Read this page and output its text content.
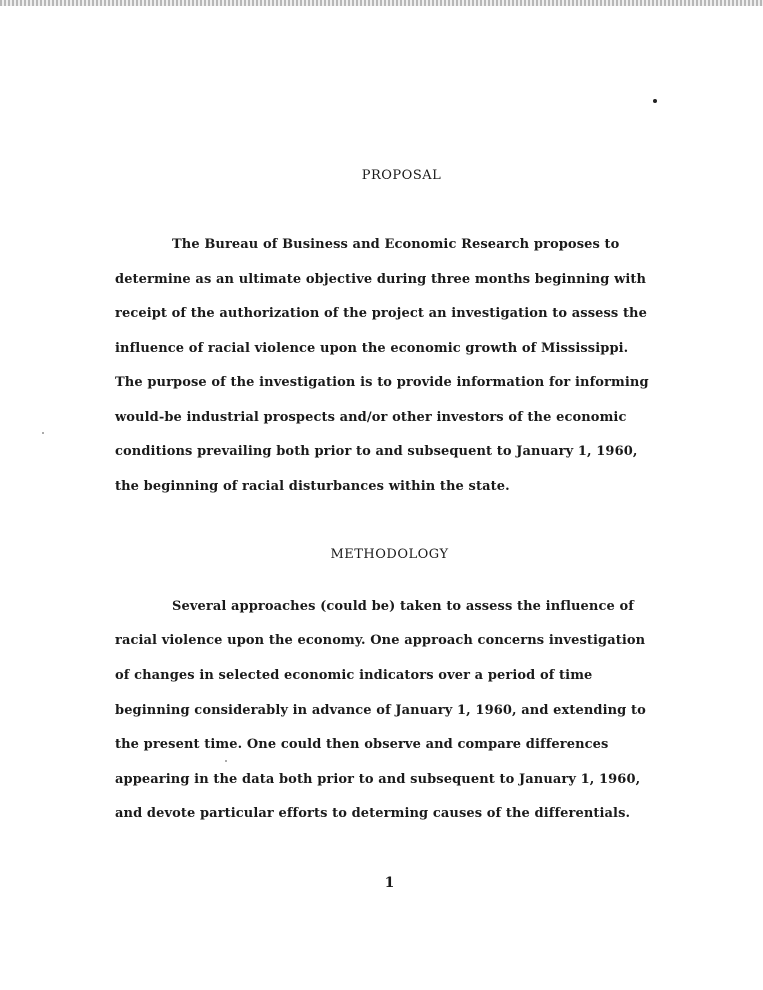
PROPOSAL

The Bureau of Business and Economic Research proposes to

determine as an ultimate objective during three months beginning with

receipt of the authorization of the project an investigation to assess the

influence of racial violence upon the economic growth of Mississippi.

The purpose of the investigation is to provide information for informing

would-be industrial prospects and/or other investors of the economic

conditions prevailing both prior to and subsequent to January 1, 1960,

the beginning of racial disturbances within the state.

METHODOLOGY

Several approaches (could be) taken to assess the influence of

racial violence upon the economy. One approach concerns investigation

of changes in selected economic indicators over a period of time

beginning considerably in advance of January 1, 1960, and extending to

the present time. One could then observe and compare differences

appearing in the data both prior to and subsequent to January 1, 1960,

and devote particular efforts to determing causes of the differentials.

1
